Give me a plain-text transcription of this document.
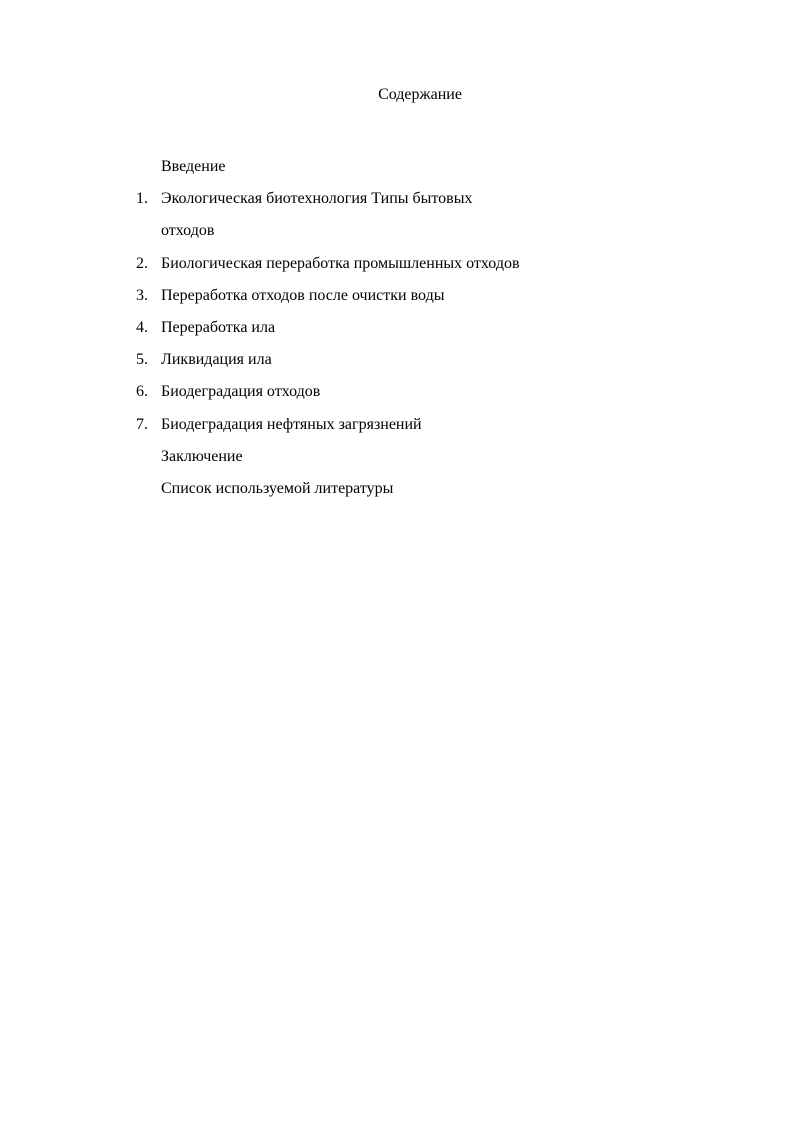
Содержание
Введение
1. Экологическая биотехнология Типы бытовых
отходов
2. Биологическая переработка промышленных отходов
3. Переработка отходов после очистки воды
4. Переработка ила
5. Ликвидация ила
6. Биодеградация отходов
7. Биодеградация нефтяных загрязнений
Заключение
Список используемой литературы
